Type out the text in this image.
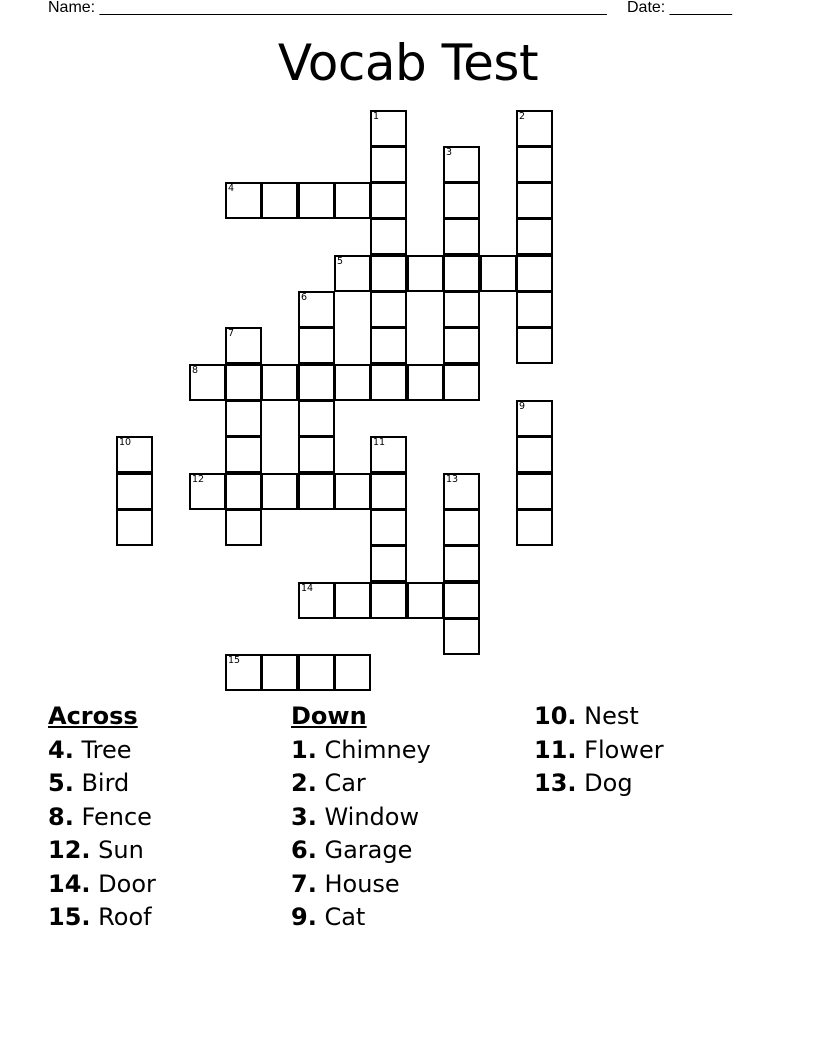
Name: _________________________________________________________ Date: _______
Vocab Test
1	2
3
4
5
6
7
8
9
10	11
12	13
14
15
Across
4. Tree
5. Bird
8. Fence
12. Sun
14. Door
15. Roof
Down
1. Chimney
2. Car
3. Window
6. Garage
7. House
9. Cat
10. Nest
11. Flower
13. Dog
